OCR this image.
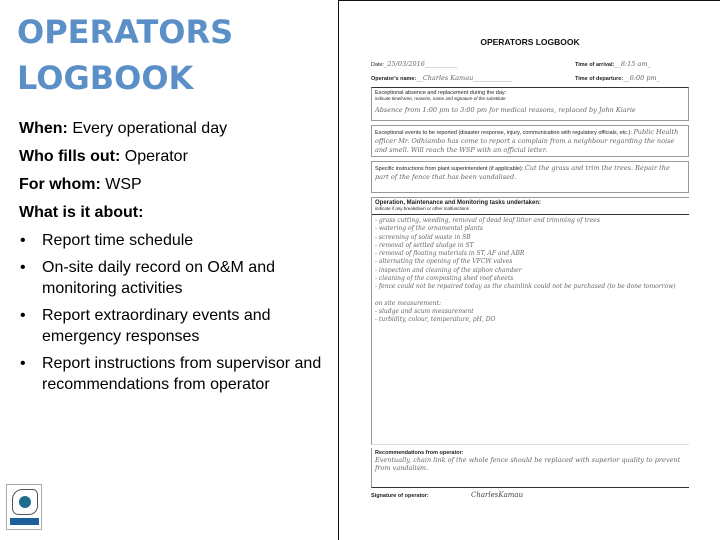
OPERATORS
LOGBOOK

When: Every operational day

Who fills out: Operator

For whom: WSP

What is it about:

• Report time schedule
• On-site daily record on O&M and monitoring activities
• Report extraordinary events and emergency responses
• Report instructions from supervisor and recommendations from operator
OPERATORS LOGBOOK
Date:_25/03/2016__________	Time of arrival:__8:15 am_
Operator's name:__Charles Kamau____________	Time of departure:__6:00 pm_
Exceptional absence and replacement during the day:
indicate timeframe, reasons, name and signature of the substitute
Absence from 1:00 pm to 3:00 pm for medical reasons, replaced by John Kiarie
Exceptional events to be reported (disaster response, injury, communication with regulatory officials, etc.): Public Health officer Mr. Odhiambo has come to report a complain from a neighbour regarding the noise and smell. Will reach the WSP with an official letter.
Specific instructions from plant superintendent (if applicable): Cut the grass and trim the trees. Repair the part of the fence that has been vandalised.
Operation, Maintenance and Monitoring tasks undertaken:
indicate if any breakdown or other malfunctions
- grass cutting, weeding, removal of dead leaf litter and trimming of trees
- watering of the ornamental plants
- screening of solid waste in SB
- removal of settled sludge in ST
- removal of floating materials in ST, AF and ABR
- alternating the opening of the VFCW valves
- inspection and cleaning of the siphon chamber
- cleaning of the composting shed roof sheets
- fence could not be repaired today as the chainlink could not be purchased (to be done tomorrow)
on site measurement:
- sludge and scum measurement
- turbidity, colour, temperature, pH, DO
Recommendations from operator:
Eventually, chain link of the whole fence should be replaced with superior quality to prevent from vandalism.
Signature of operator:	CharlesKamau
